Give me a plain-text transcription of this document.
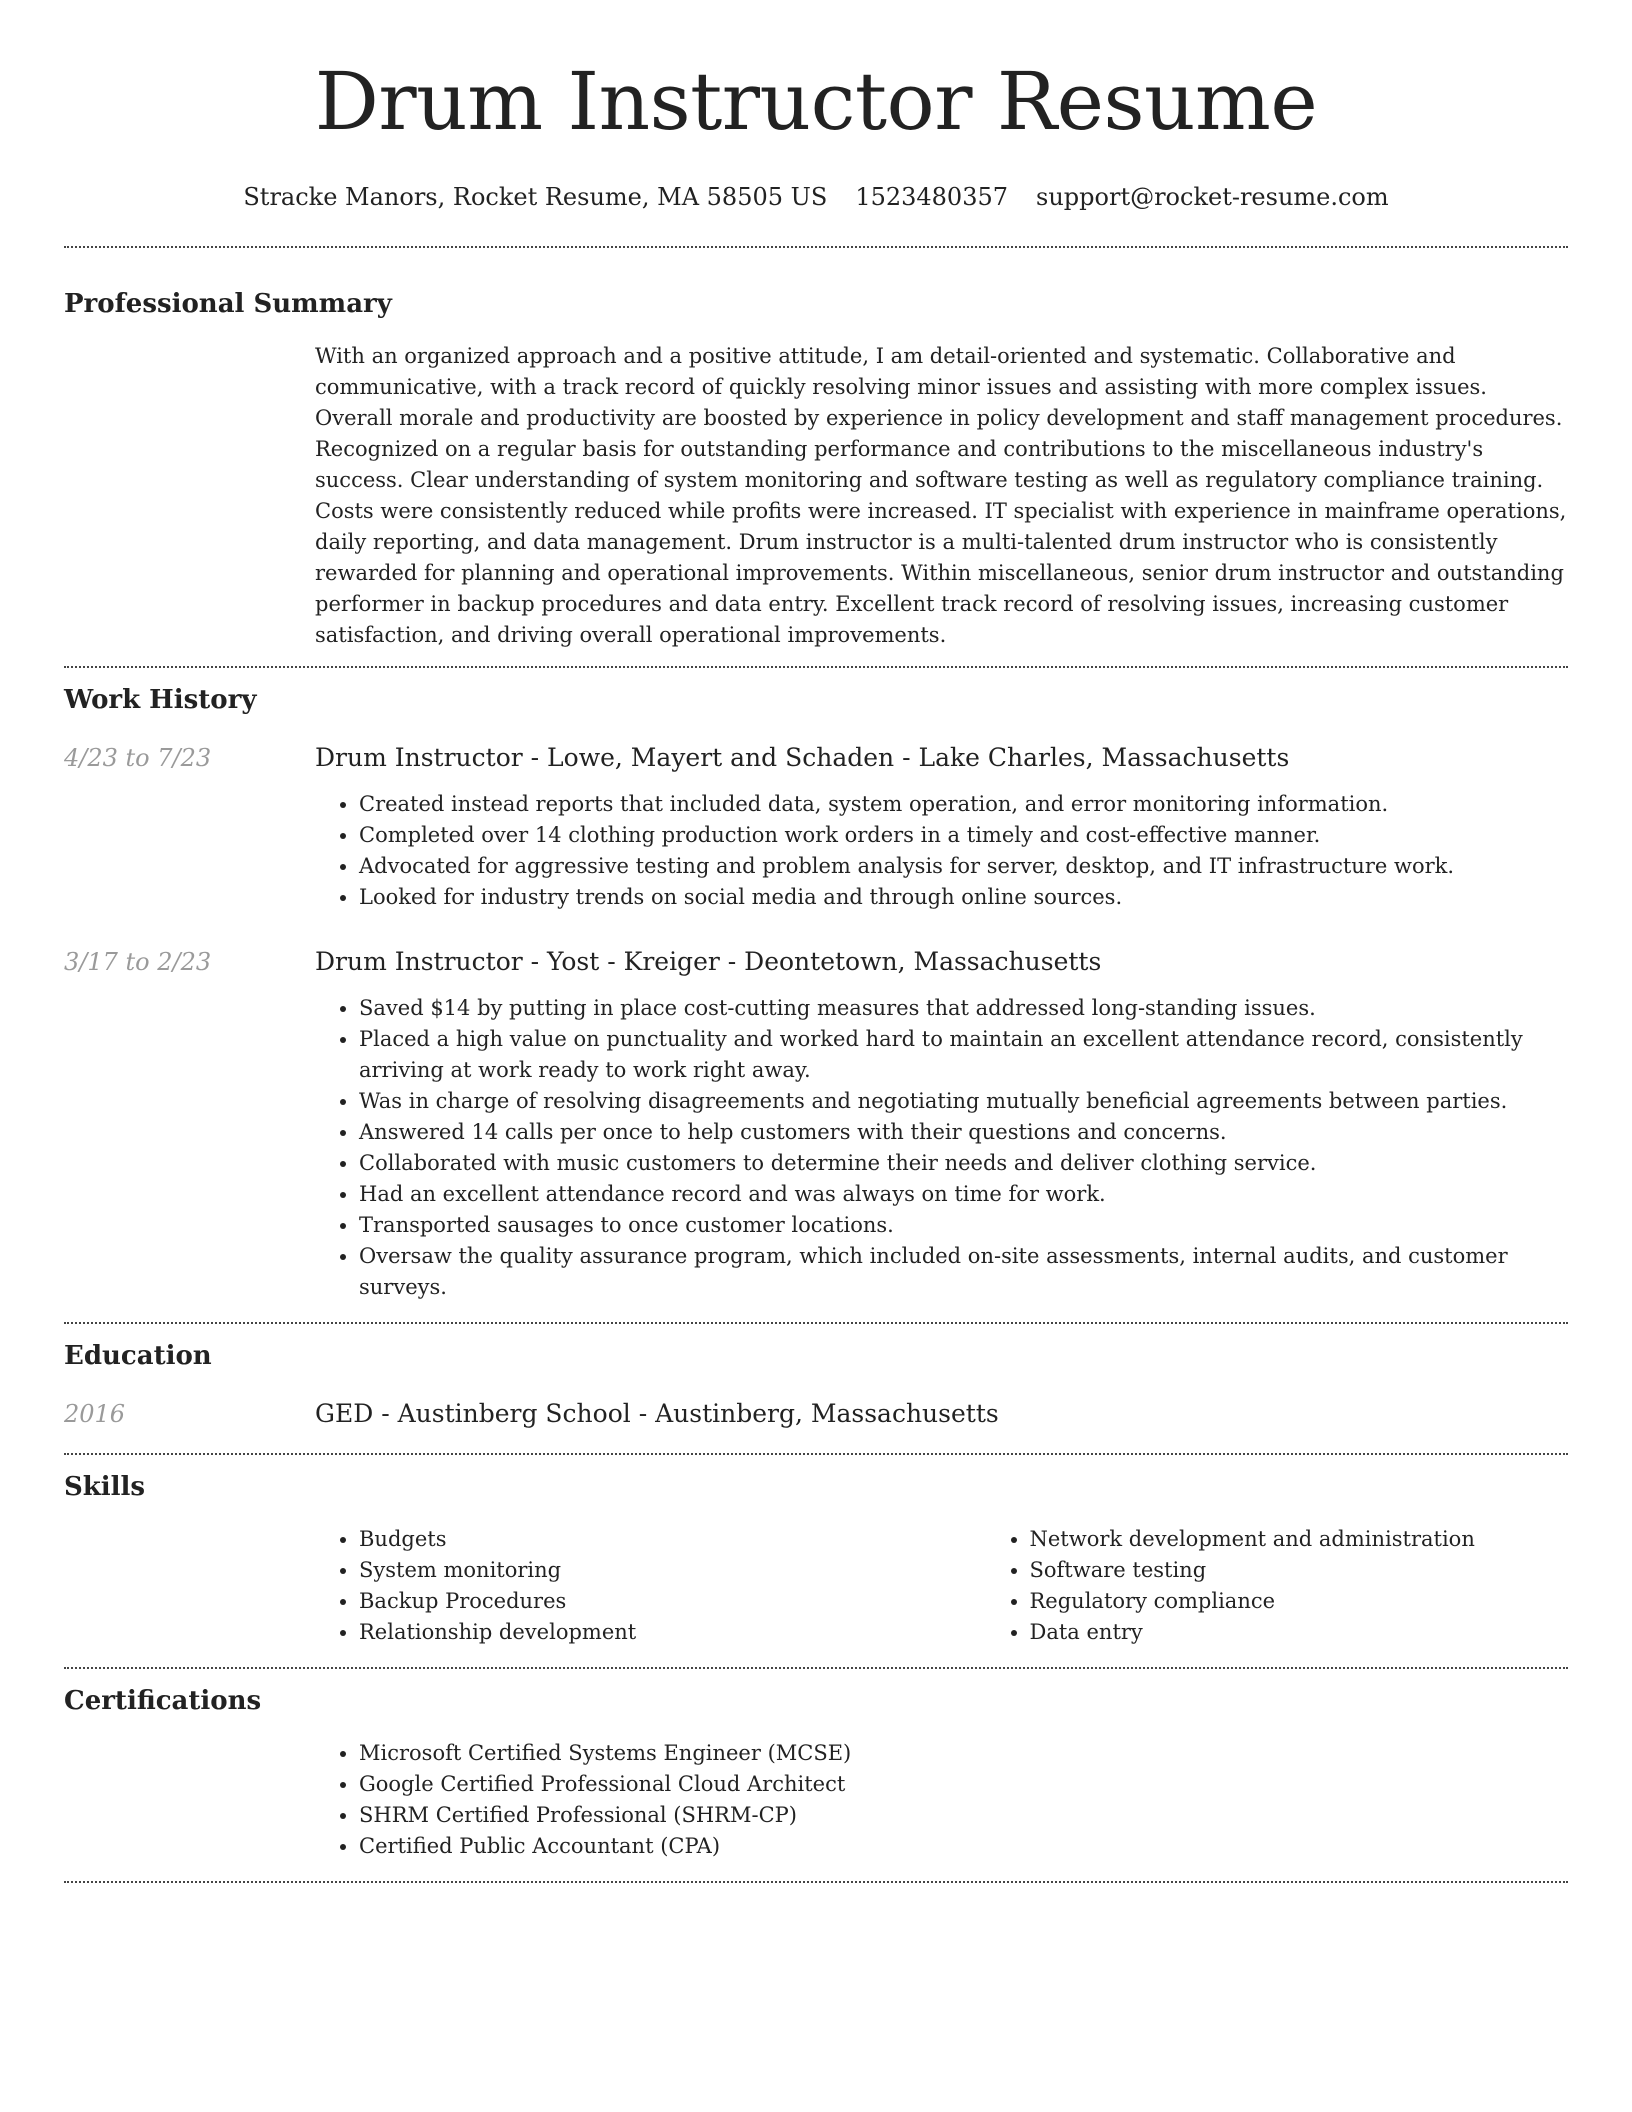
Drum Instructor Resume
Stracke Manors, Rocket Resume, MA 58505 US 1523480357 support@rocket-resume.com
Professional Summary

With an organized approach and a positive attitude, I am detail-oriented and systematic. Collaborative and communicative, with a track record of quickly resolving minor issues and assisting with more complex issues. Overall morale and productivity are boosted by experience in policy development and staff management procedures. Recognized on a regular basis for outstanding performance and contributions to the miscellaneous industry's success. Clear understanding of system monitoring and software testing as well as regulatory compliance training. Costs were consistently reduced while profits were increased. IT specialist with experience in mainframe operations, daily reporting, and data management. Drum instructor is a multi-talented drum instructor who is consistently rewarded for planning and operational improvements. Within miscellaneous, senior drum instructor and outstanding performer in backup procedures and data entry. Excellent track record of resolving issues, increasing customer satisfaction, and driving overall operational improvements.

Work History
4/23 to 7/23	Drum Instructor - Lowe, Mayert and Schaden - Lake Charles, Massachusetts
• Created instead reports that included data, system operation, and error monitoring information.
• Completed over 14 clothing production work orders in a timely and cost-effective manner.
• Advocated for aggressive testing and problem analysis for server, desktop, and IT infrastructure work.
• Looked for industry trends on social media and through online sources.
3/17 to 2/23	Drum Instructor - Yost - Kreiger - Deontetown, Massachusetts
• Saved $14 by putting in place cost-cutting measures that addressed long-standing issues.
• Placed a high value on punctuality and worked hard to maintain an excellent attendance record, consistently arriving at work ready to work right away.
• Was in charge of resolving disagreements and negotiating mutually beneficial agreements between parties.
• Answered 14 calls per once to help customers with their questions and concerns.
• Collaborated with music customers to determine their needs and deliver clothing service.
• Had an excellent attendance record and was always on time for work.
• Transported sausages to once customer locations.
• Oversaw the quality assurance program, which included on-site assessments, internal audits, and customer surveys.
Education
2016	GED - Austinberg School - Austinberg, Massachusetts
Skills
• Budgets
• System monitoring
• Backup Procedures
• Relationship development
• Network development and administration
• Software testing
• Regulatory compliance
• Data entry
Certifications
• Microsoft Certified Systems Engineer (MCSE)
• Google Certified Professional Cloud Architect
• SHRM Certified Professional (SHRM-CP)
• Certified Public Accountant (CPA)
